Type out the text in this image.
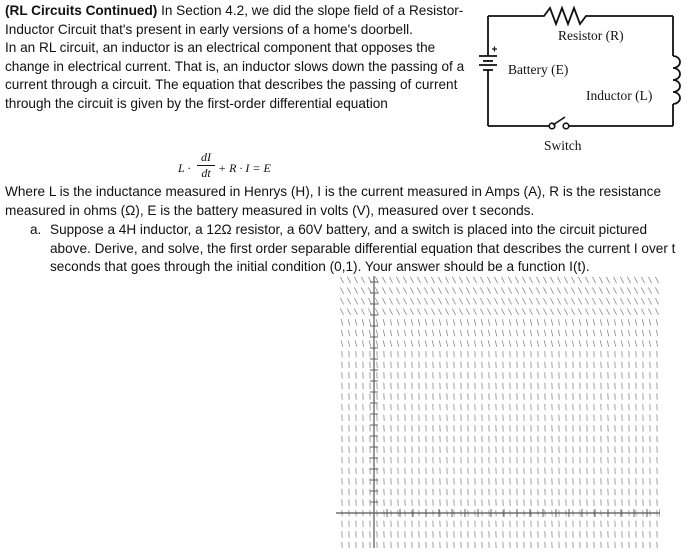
(RL Circuits Continued) In Section 4.2, we did the slope field of a Resistor-Inductor Circuit that's present in early versions of a home's doorbell.

In an RL circuit, an inductor is an electrical component that opposes the change in electrical current. That is, an inductor slows down the passing of a current through a circuit. The equation that describes the passing of current through the circuit is given by the first-order differential equation

Resistor (R)
Battery (E)
Inductor (L)
Switch
L ·
dI
dt + R · I = E

Where L is the inductance measured in Henrys (H), I is the current measured in Amps (A), R is the resistance measured in ohms (Ω), E is the battery measured in volts (V), measured over t seconds.

a. Suppose a 4H inductor, a 12Ω resistor, a 60V battery, and a switch is placed into the circuit pictured above. Derive, and solve, the first order separable differential equation that describes the current I over t seconds that goes through the initial condition (0,1). Your answer should be a function I(t).
